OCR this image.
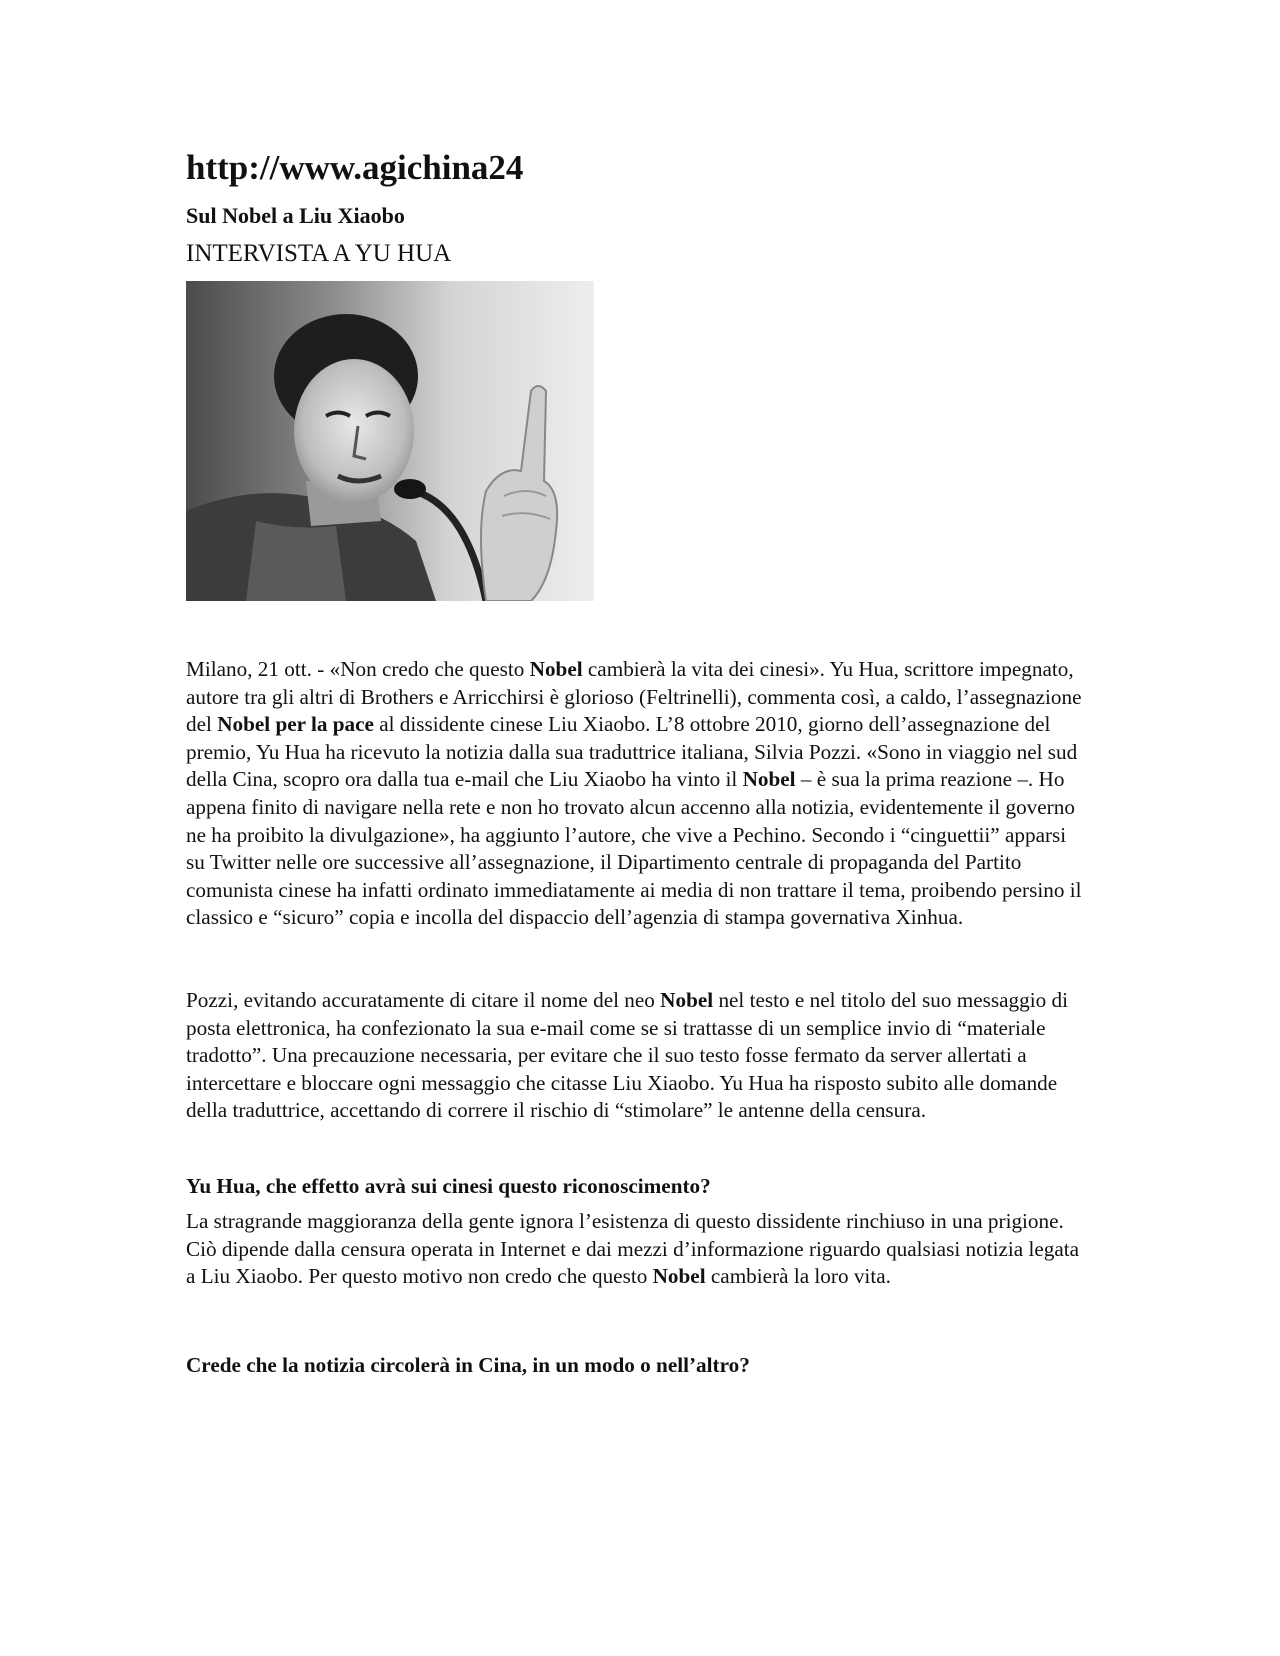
http://www.agichina24
Sul Nobel a Liu Xiaobo
INTERVISTA A YU HUA

Milano, 21 ott. - «Non credo che questo Nobel cambierà la vita dei cinesi». Yu Hua, scrittore impegnato, autore tra gli altri di Brothers e Arricchirsi è glorioso (Feltrinelli), commenta così, a caldo, l’assegnazione del Nobel per la pace al dissidente cinese Liu Xiaobo. L’8 ottobre 2010, giorno dell’assegnazione del premio, Yu Hua ha ricevuto la notizia dalla sua traduttrice italiana, Silvia Pozzi. «Sono in viaggio nel sud della Cina, scopro ora dalla tua e-mail che Liu Xiaobo ha vinto il Nobel – è sua la prima reazione –. Ho appena finito di navigare nella rete e non ho trovato alcun accenno alla notizia, evidentemente il governo ne ha proibito la divulgazione», ha aggiunto l’autore, che vive a Pechino. Secondo i “cinguettii” apparsi su Twitter nelle ore successive all’assegnazione, il Dipartimento centrale di propaganda del Partito comunista cinese ha infatti ordinato immediatamente ai media di non trattare il tema, proibendo persino il classico e “sicuro” copia e incolla del dispaccio dell’agenzia di stampa governativa Xinhua.

Pozzi, evitando accuratamente di citare il nome del neo Nobel nel testo e nel titolo del suo messaggio di posta elettronica, ha confezionato la sua e-mail come se si trattasse di un semplice invio di “materiale tradotto”. Una precauzione necessaria, per evitare che il suo testo fosse fermato da server allertati a intercettare e bloccare ogni messaggio che citasse Liu Xiaobo. Yu Hua ha risposto subito alle domande della traduttrice, accettando di correre il rischio di “stimolare” le antenne della censura.

Yu Hua, che effetto avrà sui cinesi questo riconoscimento?

La stragrande maggioranza della gente ignora l’esistenza di questo dissidente rinchiuso in una prigione. Ciò dipende dalla censura operata in Internet e dai mezzi d’informazione riguardo qualsiasi notizia legata a Liu Xiaobo. Per questo motivo non credo che questo Nobel cambierà la loro vita.

Crede che la notizia circolerà in Cina, in un modo o nell’altro?
